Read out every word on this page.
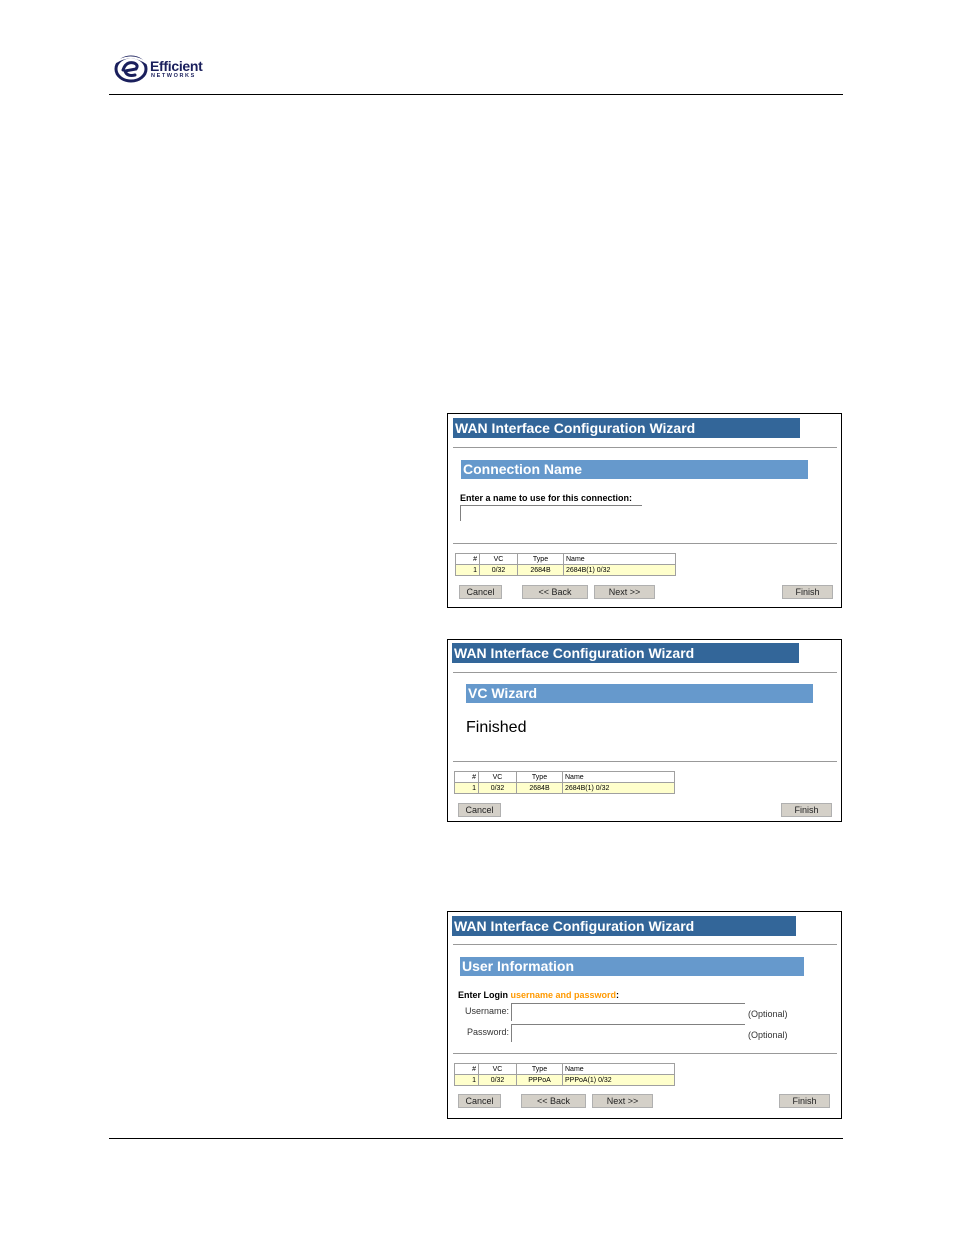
Efficient
NETWORKS
WAN Interface Configuration Wizard
Connection Name
Enter a name to use for this connection:
#	VC	Type	Name
1	0/32	2684B	2684B(1) 0/32
Cancel	<< Back	Next >>	Finish
WAN Interface Configuration Wizard
VC Wizard
Finished
#	VC	Type	Name
1	0/32	2684B	2684B(1) 0/32
Cancel	Finish
WAN Interface Configuration Wizard
User Information
Enter Login username and password:
Username:	(Optional)
Password:	(Optional)
#	VC	Type	Name
1	0/32	PPPoA	PPPoA(1) 0/32
Cancel	<< Back	Next >>	Finish
